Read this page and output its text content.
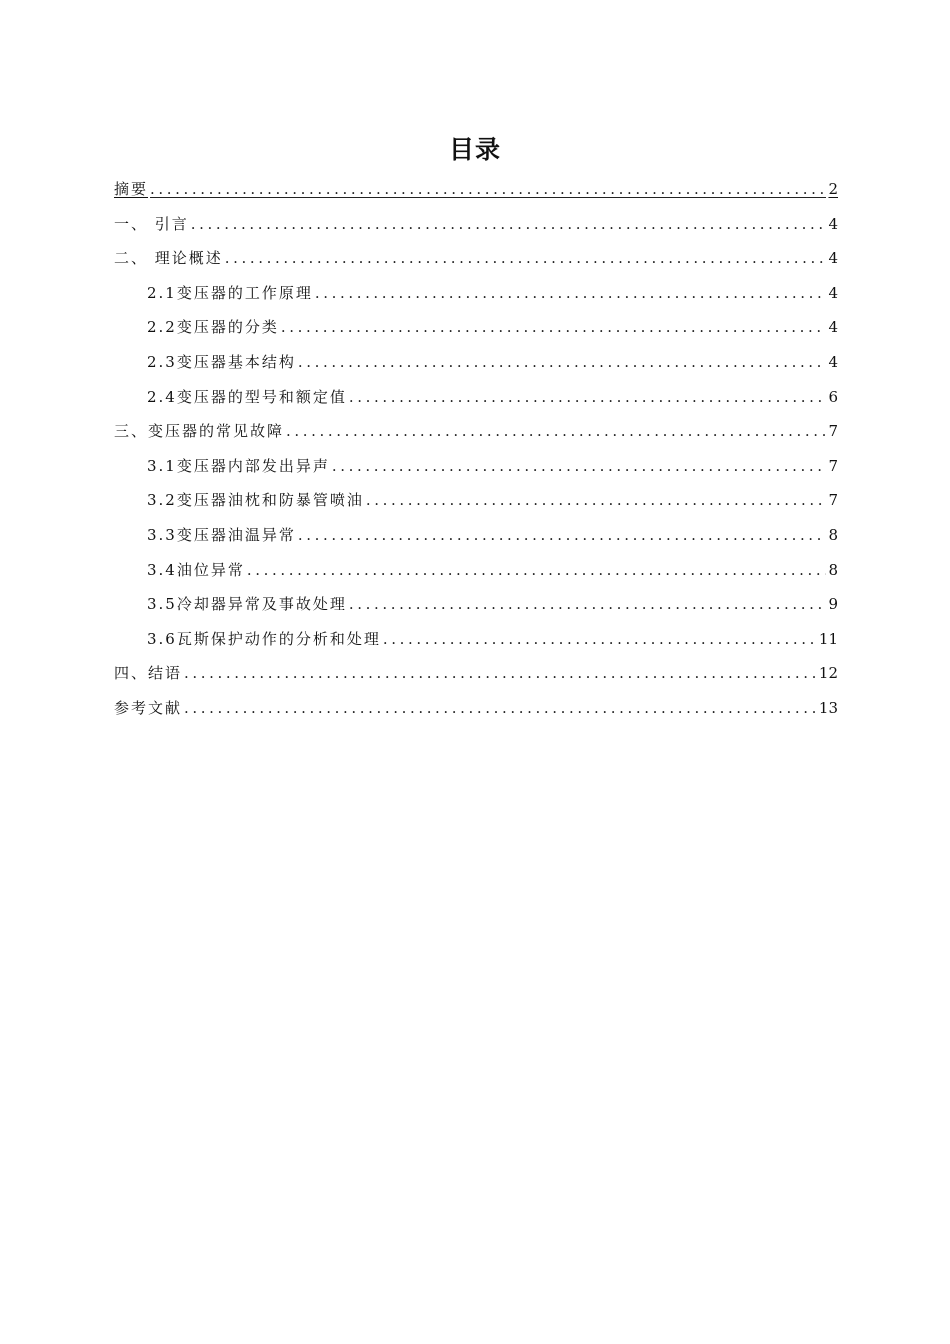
目录
摘要 .....	2
一、 引言 .....	4
二、 理论概述 .....	4
2.1变压器的工作原理 .....	4
2.2变压器的分类 .....	4
2.3变压器基本结构 .....	4
2.4变压器的型号和额定值 .....	6
三、变压器的常见故障 .....	7
3.1变压器内部发出异声 .....	7
3.2变压器油枕和防暴管喷油 .....	7
3.3变压器油温异常 .....	8
3.4油位异常 .....	8
3.5冷却器异常及事故处理 .....	9
3.6瓦斯保护动作的分析和处理 .....	11
四、结语 .....	12
参考文献 .....	13
